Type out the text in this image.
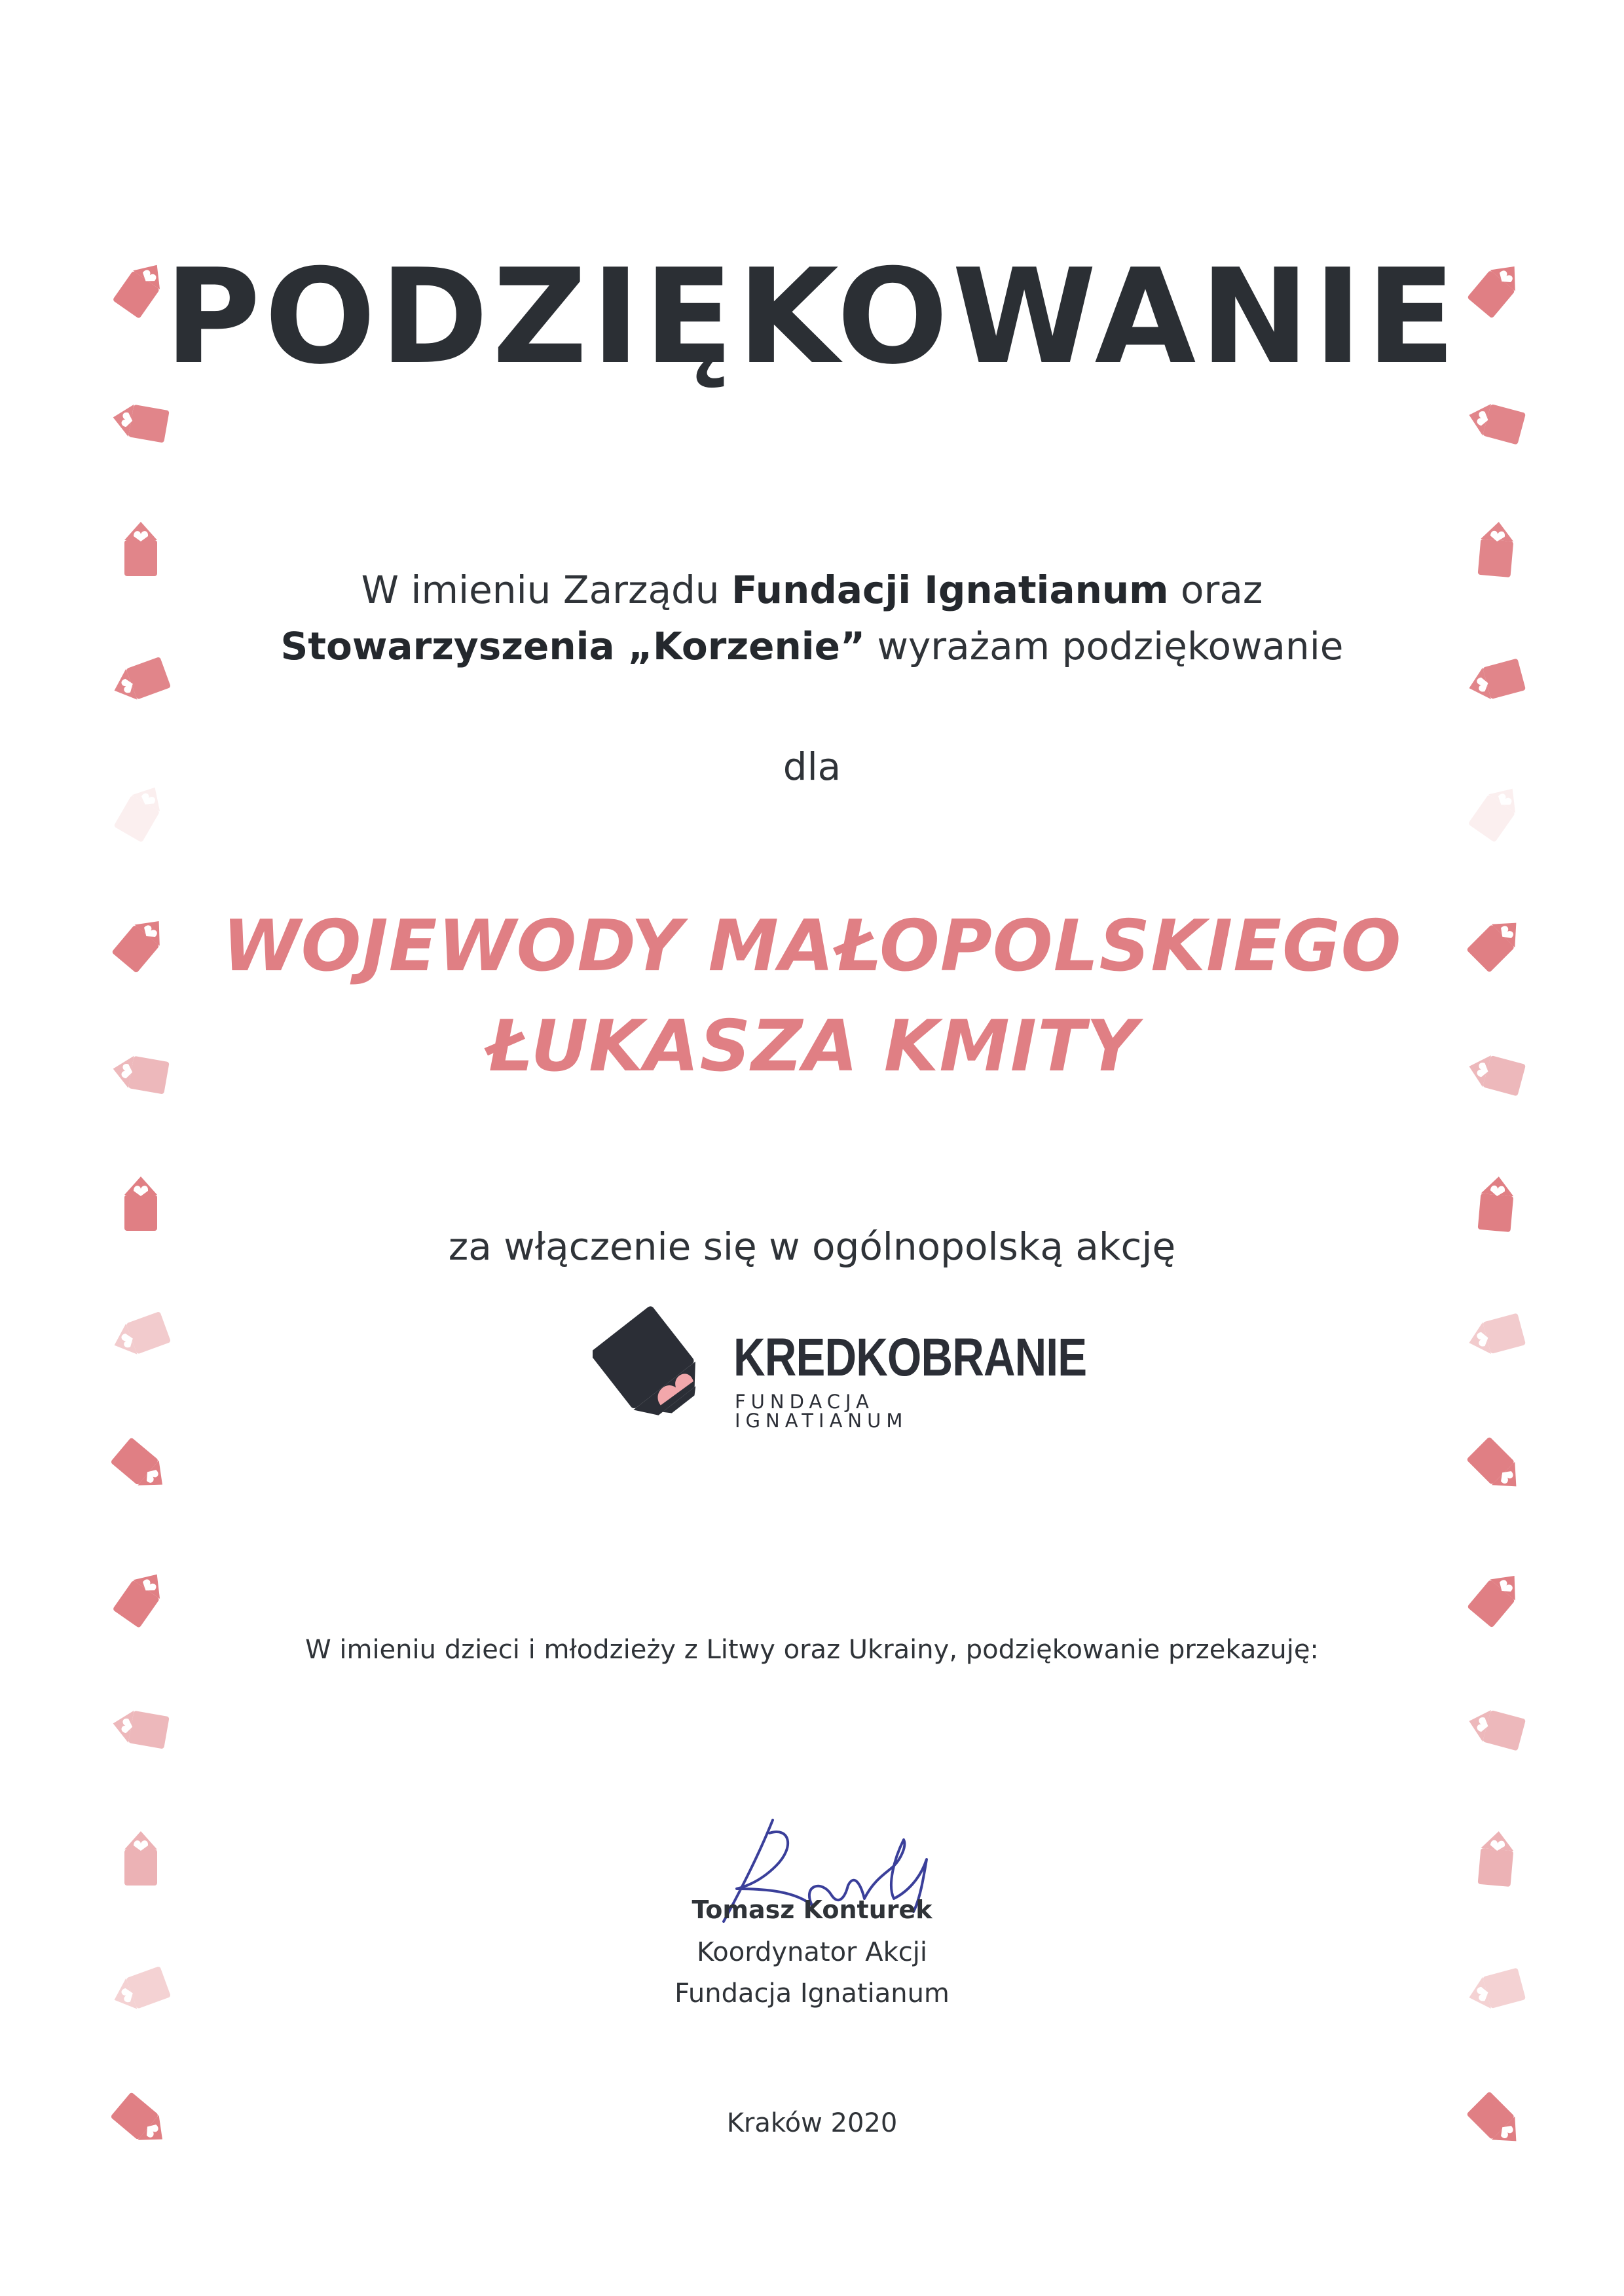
PODZIĘKOWANIE
W imieniu Zarządu Fundacji Ignatianum oraz
Stowarzyszenia „Korzenie” wyrażam podziękowanie
dla
WOJEWODY MAŁOPOLSKIEGO
ŁUKASZA KMITY
za włączenie się w ogólnopolską akcję
KREDKOBRANIE
FUNDACJA IGNATIANUM
W imieniu dzieci i młodzieży z Litwy oraz Ukrainy, podziękowanie przekazuję:
Tomasz Konturek
Koordynator Akcji
Fundacja Ignatianum
Kraków 2020
